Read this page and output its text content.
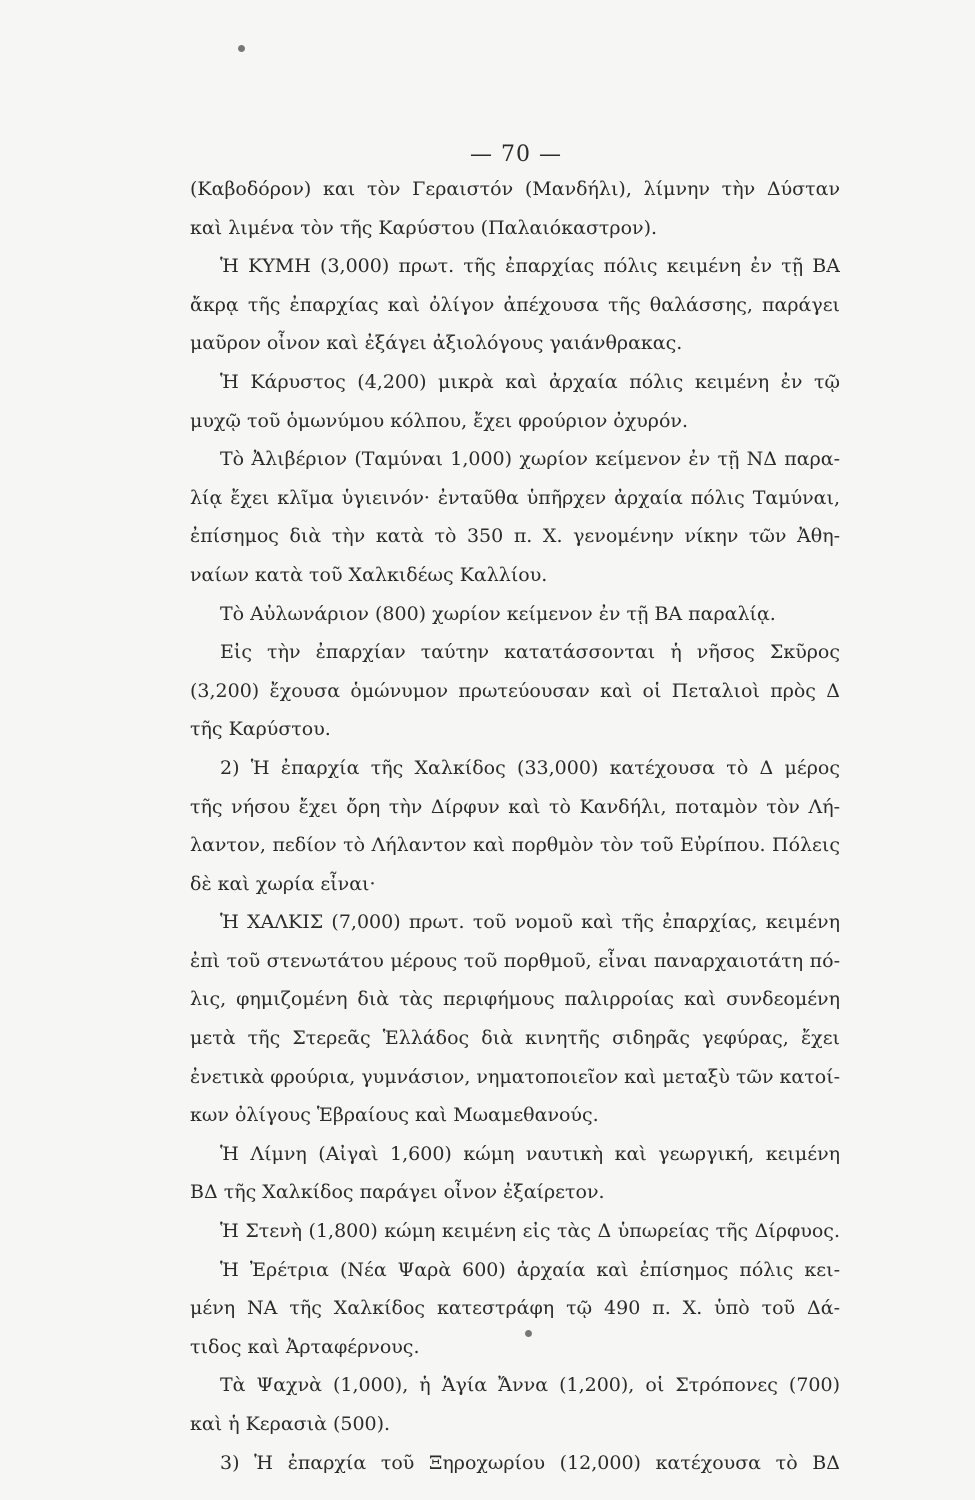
— 70 —
(Καβοδόρον) και τὸν Γεραιστόν (Μανδήλι), λίμνην τὴν Δύσταν
καὶ λιμένα τὸν τῆς Καρύστου (Παλαιόκαστρον).
Ἡ ΚΥΜΗ (3,000) πρωτ. τῆς ἐπαρχίας πόλις κειμένη ἐν τῇ ΒΑ
ἄκρᾳ τῆς ἐπαρχίας καὶ ὀλίγον ἀπέχουσα τῆς θαλάσσης, παράγει
μαῦρον οἶνον καὶ ἐξάγει ἀξιολόγους γαιάνθρακας.
Ἡ Κάρυστος (4,200) μικρὰ καὶ ἀρχαία πόλις κειμένη ἐν τῷ
μυχῷ τοῦ ὁμωνύμου κόλπου, ἔχει φρούριον ὀχυρόν.
Τὸ Ἀλιβέριον (Ταμύναι 1,000) χωρίον κείμενον ἐν τῇ ΝΔ παρα-
λίᾳ ἔχει κλῖμα ὑγιεινόν· ἐνταῦθα ὑπῆρχεν ἀρχαία πόλις Ταμύναι,
ἐπίσημος διὰ τὴν κατὰ τὸ 350 π. Χ. γενομένην νίκην τῶν Ἀθη-
ναίων κατὰ τοῦ Χαλκιδέως Καλλίου.
Τὸ Αὐλωνάριον (800) χωρίον κείμενον ἐν τῇ ΒΑ παραλίᾳ.
Εἰς τὴν ἐπαρχίαν ταύτην κατατάσσονται ἡ νῆσος Σκῦρος
(3,200) ἔχουσα ὁμώνυμον πρωτεύουσαν καὶ οἱ Πεταλιοὶ πρὸς Δ
τῆς Καρύστου.
2) Ἡ ἐπαρχία τῆς Χαλκίδος (33,000) κατέχουσα τὸ Δ μέρος
τῆς νήσου ἔχει ὄρη τὴν Δίρφυν καὶ τὸ Κανδήλι, ποταμὸν τὸν Λή-
λαντον, πεδίον τὸ Λήλαντον καὶ πορθμὸν τὸν τοῦ Εὐρίπου. Πόλεις
δὲ καὶ χωρία εἶναι·
Ἡ ΧΑΛΚΙΣ (7,000) πρωτ. τοῦ νομοῦ καὶ τῆς ἐπαρχίας, κειμένη
ἐπὶ τοῦ στενωτάτου μέρους τοῦ πορθμοῦ, εἶναι παναρχαιοτάτη πό-
λις, φημιζομένη διὰ τὰς περιφήμους παλιρροίας καὶ συνδεομένη
μετὰ τῆς Στερεᾶς Ἑλλάδος διὰ κινητῆς σιδηρᾶς γεφύρας, ἔχει
ἐνετικὰ φρούρια, γυμνάσιον, νηματοποιεῖον καὶ μεταξὺ τῶν κατοί-
κων ὀλίγους Ἑβραίους καὶ Μωαμεθανούς.
Ἡ Λίμνη (Αἰγαὶ 1,600) κώμη ναυτικὴ καὶ γεωργική, κειμένη
ΒΔ τῆς Χαλκίδος παράγει οἶνον ἐξαίρετον.
Ἡ Στενὴ (1,800) κώμη κειμένη εἰς τὰς Δ ὑπωρείας τῆς Δίρφυος.
Ἡ Ἐρέτρια (Νέα Ψαρὰ 600) ἀρχαία καὶ ἐπίσημος πόλις κει-
μένη ΝΑ τῆς Χαλκίδος κατεστράφη τῷ 490 π. Χ. ὑπὸ τοῦ Δά-
τιδος καὶ Ἀρταφέρνους.
Τὰ Ψαχνὰ (1,000), ἡ Ἁγία Ἄννα (1,200), οἱ Στρόπονες (700)
καὶ ἡ Κερασιὰ (500).
3) Ἡ ἐπαρχία τοῦ Ξηροχωρίου (12,000) κατέχουσα τὸ ΒΔ
